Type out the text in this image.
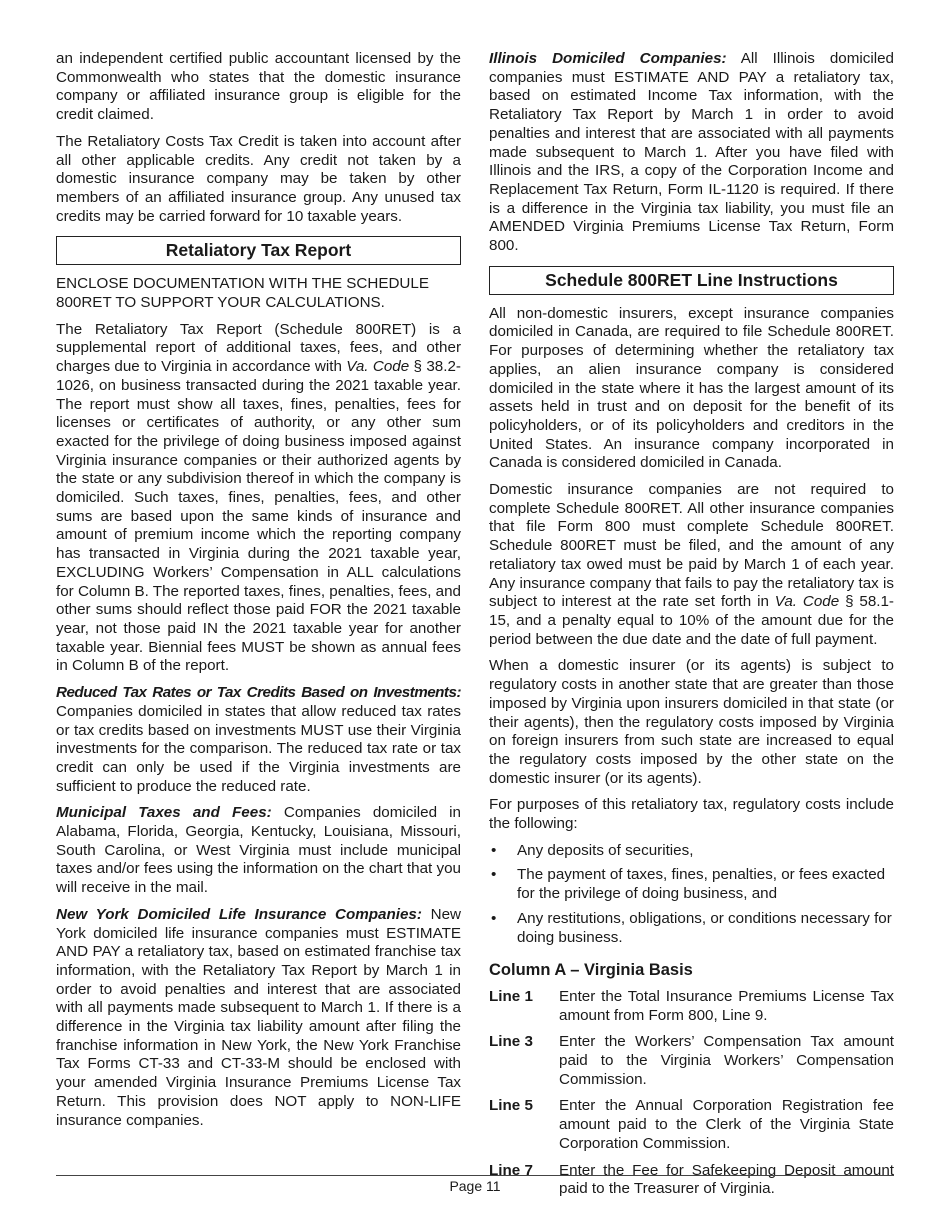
an independent certified public accountant licensed by the Commonwealth who states that the domestic insurance company or affiliated insurance group is eligible for the credit claimed.

The Retaliatory Costs Tax Credit is taken into account after all other applicable credits. Any credit not taken by a domestic insurance company may be taken by other members of an affiliated insurance group. Any unused tax credits may be carried forward for 10 taxable years.

Retaliatory Tax Report

ENCLOSE DOCUMENTATION WITH THE SCHEDULE 800RET TO SUPPORT YOUR CALCULATIONS.

The Retaliatory Tax Report (Schedule 800RET) is a supplemental report of additional taxes, fees, and other charges due to Virginia in accordance with Va. Code § 38.2-1026, on business transacted during the 2021 taxable year. The report must show all taxes, fines, penalties, fees for licenses or certificates of authority, or any other sum exacted for the privilege of doing business imposed against Virginia insurance companies or their authorized agents by the state or any subdivision thereof in which the company is domiciled. Such taxes, fines, penalties, fees, and other sums are based upon the same kinds of insurance and amount of premium income which the reporting company has transacted in Virginia during the 2021 taxable year, EXCLUDING Workers’ Compensation in ALL calculations for Column B. The reported taxes, fines, penalties, fees, and other sums should reflect those paid FOR the 2021 taxable year, not those paid IN the 2021 taxable year for another taxable year. Biennial fees MUST be shown as annual fees in Column B of the report.

Reduced Tax Rates or Tax Credits Based on Investments: Companies domiciled in states that allow reduced tax rates or tax credits based on investments MUST use their Virginia investments for the comparison. The reduced tax rate or tax credit can only be used if the Virginia investments are sufficient to produce the reduced rate.

Municipal Taxes and Fees: Companies domiciled in Alabama, Florida, Georgia, Kentucky, Louisiana, Missouri, South Carolina, or West Virginia must include municipal taxes and/or fees using the information on the chart that you will receive in the mail.

New York Domiciled Life Insurance Companies: New York domiciled life insurance companies must ESTIMATE AND PAY a retaliatory tax, based on estimated franchise tax information, with the Retaliatory Tax Report by March 1 in order to avoid penalties and interest that are associated with all payments made subsequent to March 1. If there is a difference in the Virginia tax liability amount after filing the franchise information in New York, the New York Franchise Tax Forms CT-33 and CT-33-M should be enclosed with your amended Virginia Insurance Premiums License Tax Return. This provision does NOT apply to NON-LIFE insurance companies.

Illinois Domiciled Companies: All Illinois domiciled companies must ESTIMATE AND PAY a retaliatory tax, based on estimated Income Tax information, with the Retaliatory Tax Report by March 1 in order to avoid penalties and interest that are associated with all payments made subsequent to March 1. After you have filed with Illinois and the IRS, a copy of the Corporation Income and Replacement Tax Return, Form IL-1120 is required. If there is a difference in the Virginia tax liability, you must file an AMENDED Virginia Premiums License Tax Return, Form 800.

Schedule 800RET Line Instructions

All non-domestic insurers, except insurance companies domiciled in Canada, are required to file Schedule 800RET. For purposes of determining whether the retaliatory tax applies, an alien insurance company is considered domiciled in the state where it has the largest amount of its assets held in trust and on deposit for the benefit of its policyholders, or of its policyholders and creditors in the United States. An insurance company incorporated in Canada is considered domiciled in Canada.

Domestic insurance companies are not required to complete Schedule 800RET. All other insurance companies that file Form 800 must complete Schedule 800RET. Schedule 800RET must be filed, and the amount of any retaliatory tax owed must be paid by March 1 of each year. Any insurance company that fails to pay the retaliatory tax is subject to interest at the rate set forth in Va. Code § 58.1-15, and a penalty equal to 10% of the amount due for the period between the due date and the date of full payment.

When a domestic insurer (or its agents) is subject to regulatory costs in another state that are greater than those imposed by Virginia upon insurers domiciled in that state (or their agents), then the regulatory costs imposed by Virginia on foreign insurers from such state are increased to equal the regulatory costs imposed by the other state on the domestic insurer (or its agents).

For purposes of this retaliatory tax, regulatory costs include the following:

• Any deposits of securities,
• The payment of taxes, fines, penalties, or fees exacted for the privilege of doing business, and
• Any restitutions, obligations, or conditions necessary for doing business.
Column A – Virginia Basis
Line 1	Enter the Total Insurance Premiums License Tax amount from Form 800, Line 9.
Line 3	Enter the Workers’ Compensation Tax amount paid to the Virginia Workers’ Compensation Commission.
Line 5	Enter the Annual Corporation Registration fee amount paid to the Clerk of the Virginia State Corporation Commission.
Line 7	Enter the Fee for Safekeeping Deposit amount paid to the Treasurer of Virginia.
Page 11
